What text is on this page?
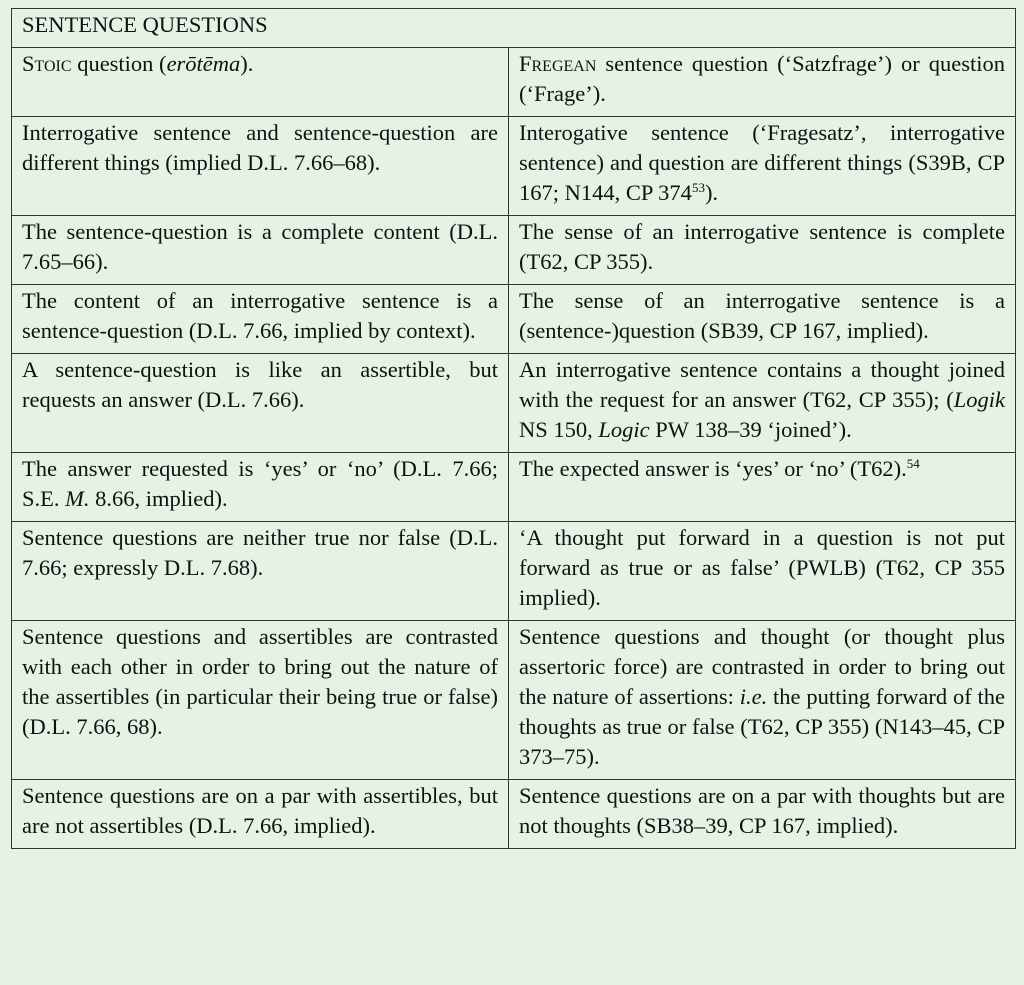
SENTENCE QUESTIONS	
Stoic question (erōtēma).	Fregean sentence question (‘Satzfrage’) or question (‘Frage’).
Interrogative sentence and sentence-question are different things (implied D.L. 7.66–68).	Interogative sentence (‘Fragesatz’, interrogative sentence) and question are different things (S39B, CP 167; N144, CP $374^{53}$).
The sentence-question is a complete content (D.L. 7.65–66).	The sense of an interrogative sentence is complete (T62, CP 355).
The content of an interrogative sentence is a sentence-question (D.L. 7.66, implied by context).	The sense of an interrogative sentence is a (sentence-)question (SB39, CP 167, implied).
A sentence-question is like an assertible, but requests an answer (D.L. 7.66).	An interrogative sentence contains a thought joined with the request for an answer (T62, CP 355); (Logik NS 150, Logic PW 138–39 ‘joined’).
The answer requested is ‘yes’ or ‘no’ (D.L. 7.66; S.E. M. 8.66, implied).	The expected answer is ‘yes’ or ‘no’ (T62).$^{54}$
Sentence questions are neither true nor false (D.L. 7.66; expressly D.L. 7.68).	‘A thought put forward in a question is not put forward as true or as false’ (PWLB) (T62, CP 355 implied).
Sentence questions and assertibles are contrasted with each other in order to bring out the nature of the assertibles (in particular their being true or false) (D.L. 7.66, 68).	Sentence questions and thought (or thought plus assertoric force) are contrasted in order to bring out the nature of assertions: i.e. the putting forward of the thoughts as true or false (T62, CP 355) (N143–45, CP 373–75).
Sentence questions are on a par with assertibles, but are not assertibles (D.L. 7.66, implied).	Sentence questions are on a par with thoughts but are not thoughts (SB38–39, CP 167, implied).
